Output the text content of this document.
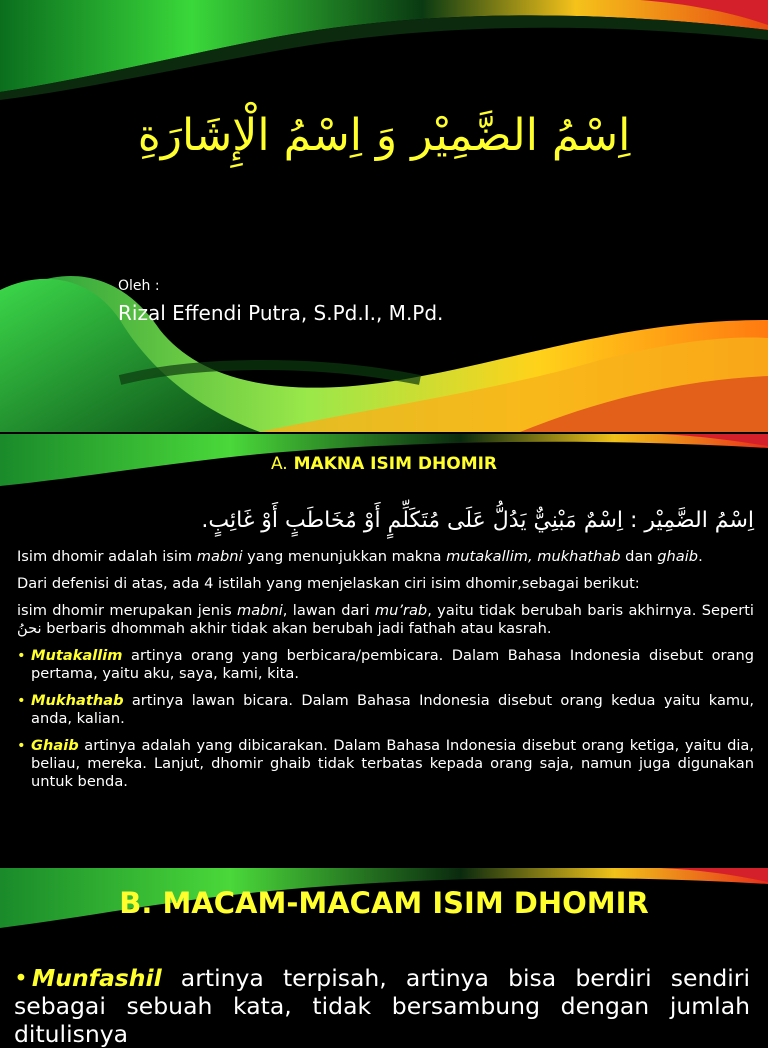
اِسْمُ الضَّمِيْر وَ اِسْمُ الْإِشَارَةِ
Oleh :
Rizal Effendi Putra, S.Pd.I., M.Pd.
A. MAKNA ISIM DHOMIR
اِسْمُ الضَّمِيْر : اِسْمٌ مَبْنِيٌّ يَدُلُّ عَلَى مُتَكَلِّمٍ أَوْ مُخَاطَبٍ أَوْ غَائِبٍ.

Isim dhomir adalah isim mabni yang menunjukkan makna mutakallim, mukhathab dan ghaib.

Dari defenisi di atas, ada 4 istilah yang menjelaskan ciri isim dhomir,sebagai berikut:

isim dhomir merupakan jenis mabni, lawan dari mu’rab, yaitu tidak berubah baris akhirnya. Seperti نحنُ berbaris dhommah akhir tidak akan berubah jadi fathah atau kasrah.

• Mutakallim artinya orang yang berbicara/pembicara. Dalam Bahasa Indonesia disebut orang pertama, yaitu aku, saya, kami, kita.
• Mukhathab artinya lawan bicara. Dalam Bahasa Indonesia disebut orang kedua yaitu kamu, anda, kalian.
• Ghaib artinya adalah yang dibicarakan. Dalam Bahasa Indonesia disebut orang ketiga, yaitu dia, beliau, mereka. Lanjut, dhomir ghaib tidak terbatas kepada orang saja, namun juga digunakan untuk benda.
B. MACAM-MACAM ISIM DHOMIR
• Munfashil artinya terpisah, artinya bisa berdiri sendiri sebagai sebuah kata, tidak bersambung dengan jumlah ditulisnya
